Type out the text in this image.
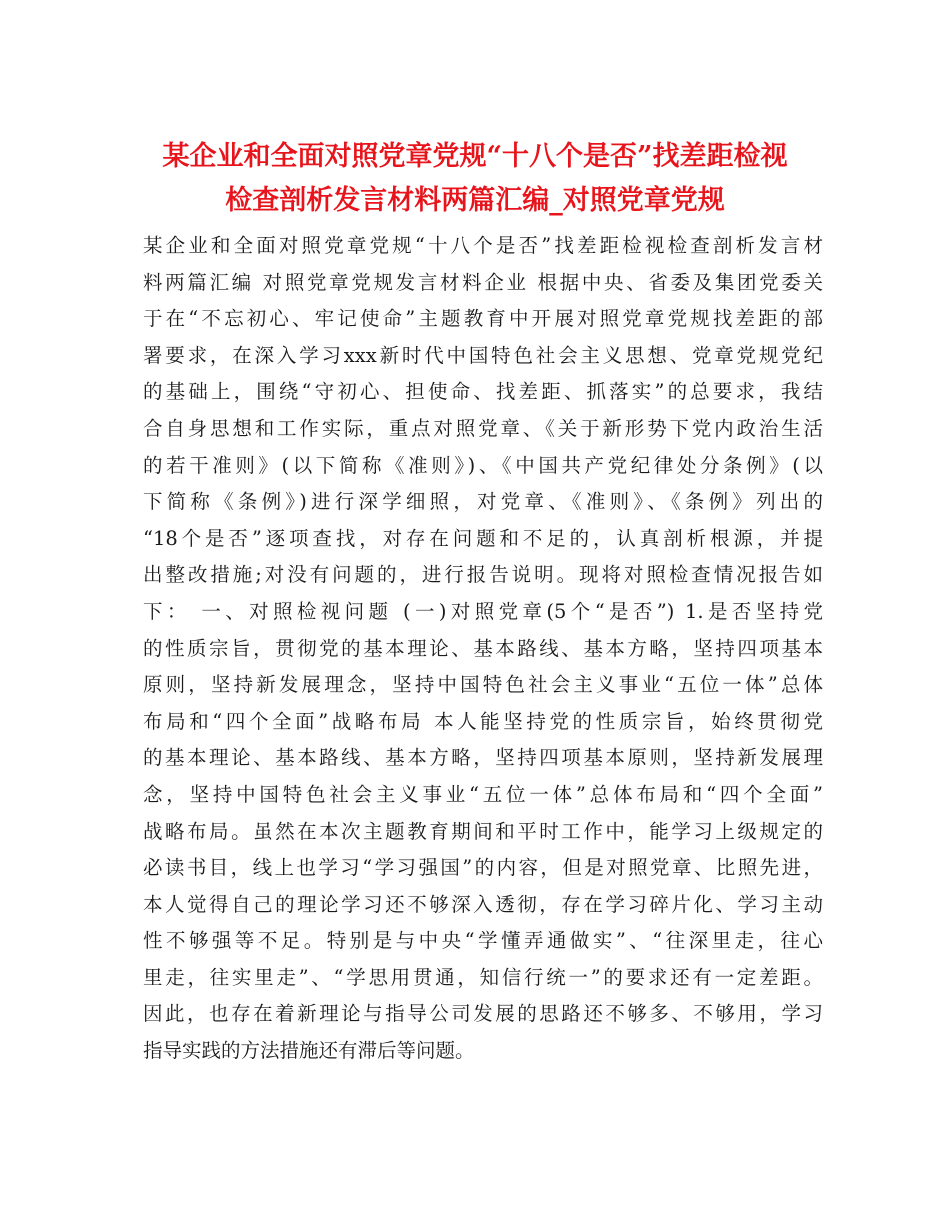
某企业和全面对照党章党规“十八个是否”找差距检视
检查剖析发言材料两篇汇编_对照党章党规
某企业和全面对照党章党规“十八个是否”找差距检视检查剖析发言材
料两篇汇编 对照党章党规发言材料企业 根据中央、省委及集团党委关
于在“不忘初心、牢记使命”主题教育中开展对照党章党规找差距的部
署要求，在深入学习xxx新时代中国特色社会主义思想、党章党规党纪
的基础上，围绕“守初心、担使命、找差距、抓落实”的总要求，我结
合自身思想和工作实际，重点对照党章、《关于新形势下党内政治生活
的若干准则》(以下简称《准则》)、《中国共产党纪律处分条例》(以
下简称《条例》)进行深学细照，对党章、《准则》、《条例》列出的
“18个是否”逐项查找，对存在问题和不足的，认真剖析根源，并提
出整改措施;对没有问题的，进行报告说明。现将对照检查情况报告如
下： 一、对照检视问题 (一)对照党章(5个“是否”) 1.是否坚持党
的性质宗旨，贯彻党的基本理论、基本路线、基本方略，坚持四项基本
原则，坚持新发展理念，坚持中国特色社会主义事业“五位一体”总体
布局和“四个全面”战略布局 本人能坚持党的性质宗旨，始终贯彻党
的基本理论、基本路线、基本方略，坚持四项基本原则，坚持新发展理
念，坚持中国特色社会主义事业“五位一体”总体布局和“四个全面”
战略布局。虽然在本次主题教育期间和平时工作中，能学习上级规定的
必读书目，线上也学习“学习强国”的内容，但是对照党章、比照先进，
本人觉得自己的理论学习还不够深入透彻，存在学习碎片化、学习主动
性不够强等不足。特别是与中央“学懂弄通做实”、“往深里走，往心
里走，往实里走”、“学思用贯通，知信行统一”的要求还有一定差距。
因此，也存在着新理论与指导公司发展的思路还不够多、不够用，学习
指导实践的方法措施还有滞后等问题。
